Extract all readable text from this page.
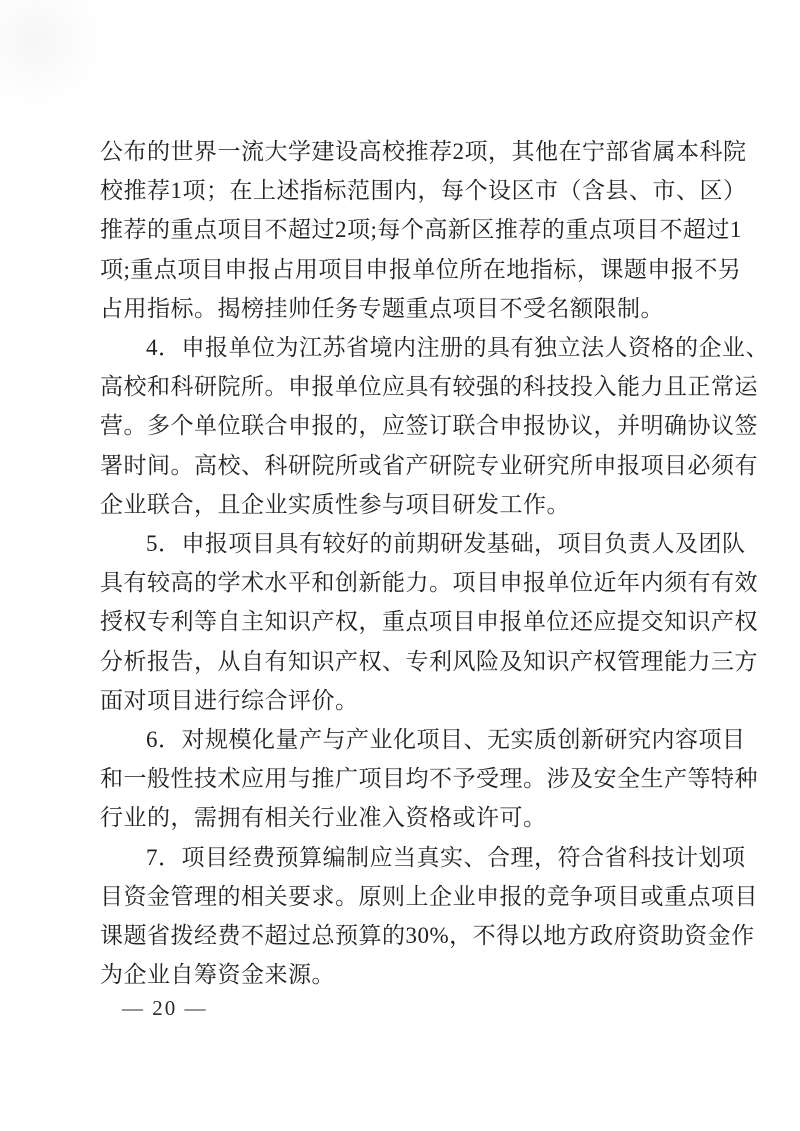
公布的世界一流大学建设高校推荐2项，其他在宁部省属本科院
校推荐1项；在上述指标范围内，每个设区市（含县、市、区）
推荐的重点项目不超过2项;每个高新区推荐的重点项目不超过1
项;重点项目申报占用项目申报单位所在地指标，课题申报不另
占用指标。揭榜挂帅任务专题重点项目不受名额限制。
4．申报单位为江苏省境内注册的具有独立法人资格的企业、
高校和科研院所。申报单位应具有较强的科技投入能力且正常运
营。多个单位联合申报的，应签订联合申报协议，并明确协议签
署时间。高校、科研院所或省产研院专业研究所申报项目必须有
企业联合，且企业实质性参与项目研发工作。
5．申报项目具有较好的前期研发基础，项目负责人及团队
具有较高的学术水平和创新能力。项目申报单位近年内须有有效
授权专利等自主知识产权，重点项目申报单位还应提交知识产权
分析报告，从自有知识产权、专利风险及知识产权管理能力三方
面对项目进行综合评价。
6．对规模化量产与产业化项目、无实质创新研究内容项目
和一般性技术应用与推广项目均不予受理。涉及安全生产等特种
行业的，需拥有相关行业准入资格或许可。
7．项目经费预算编制应当真实、合理，符合省科技计划项
目资金管理的相关要求。原则上企业申报的竞争项目或重点项目
课题省拨经费不超过总预算的30%，不得以地方政府资助资金作
为企业自筹资金来源。
— 20 —
